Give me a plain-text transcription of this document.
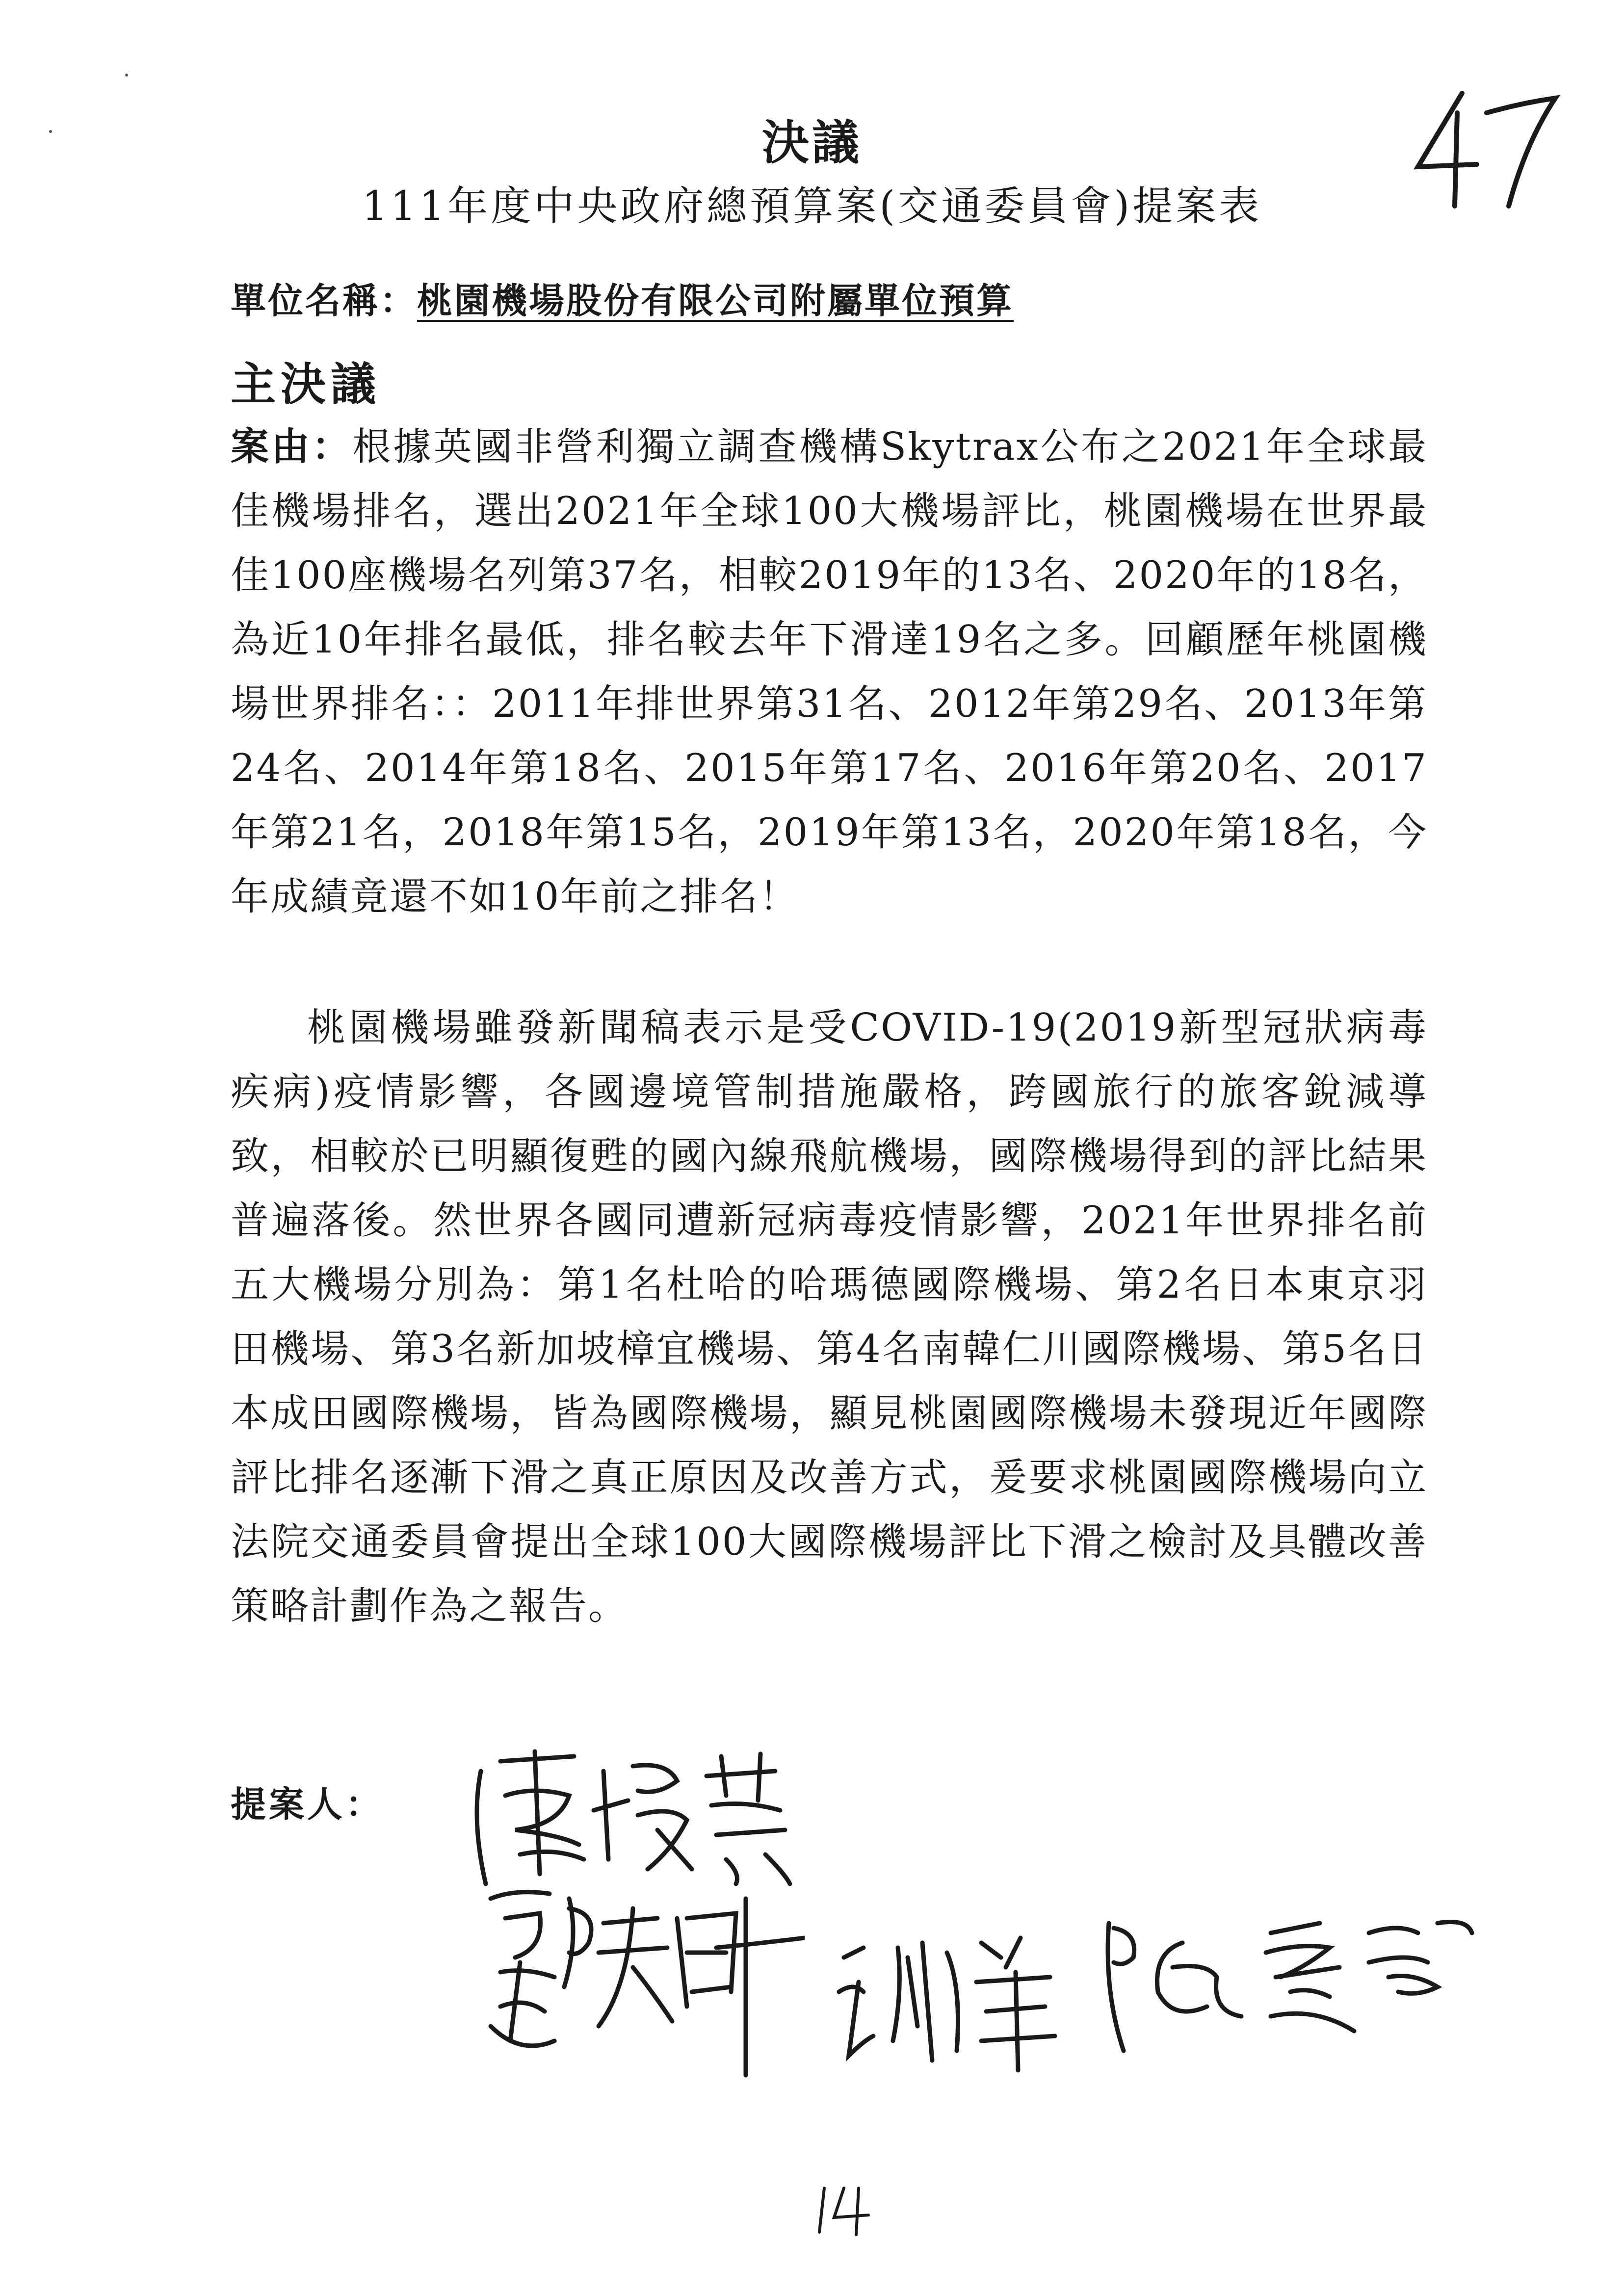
決議
111年度中央政府總預算案(交通委員會)提案表
單位名稱：桃園機場股份有限公司附屬單位預算
主決議
案由：根據英國非營利獨立調查機構Skytrax公布之2021年全球最佳機場排名，選出2021年全球100大機場評比，桃園機場在世界最佳100座機場名列第37名，相較2019年的13名、2020年的18名，為近10年排名最低，排名較去年下滑達19名之多。回顧歷年桃園機場世界排名：：2011年排世界第31名、2012年第29名、2013年第24名、2014年第18名、2015年第17名、2016年第20名、2017年第21名，2018年第15名，2019年第13名，2020年第18名，今年成績竟還不如10年前之排名！
桃園機場雖發新聞稿表示是受COVID-19(2019新型冠狀病毒疾病)疫情影響，各國邊境管制措施嚴格，跨國旅行的旅客銳減導致，相較於已明顯復甦的國內線飛航機場，國際機場得到的評比結果普遍落後。然世界各國同遭新冠病毒疫情影響，2021年世界排名前五大機場分別為：第1名杜哈的哈瑪德國際機場、第2名日本東京羽田機場、第3名新加坡樟宜機場、第4名南韓仁川國際機場、第5名日本成田國際機場，皆為國際機場，顯見桃園國際機場未發現近年國際評比排名逐漸下滑之真正原因及改善方式，爰要求桃園國際機場向立法院交通委員會提出全球100大國際機場評比下滑之檢討及具體改善策略計劃作為之報告。
提案人：
